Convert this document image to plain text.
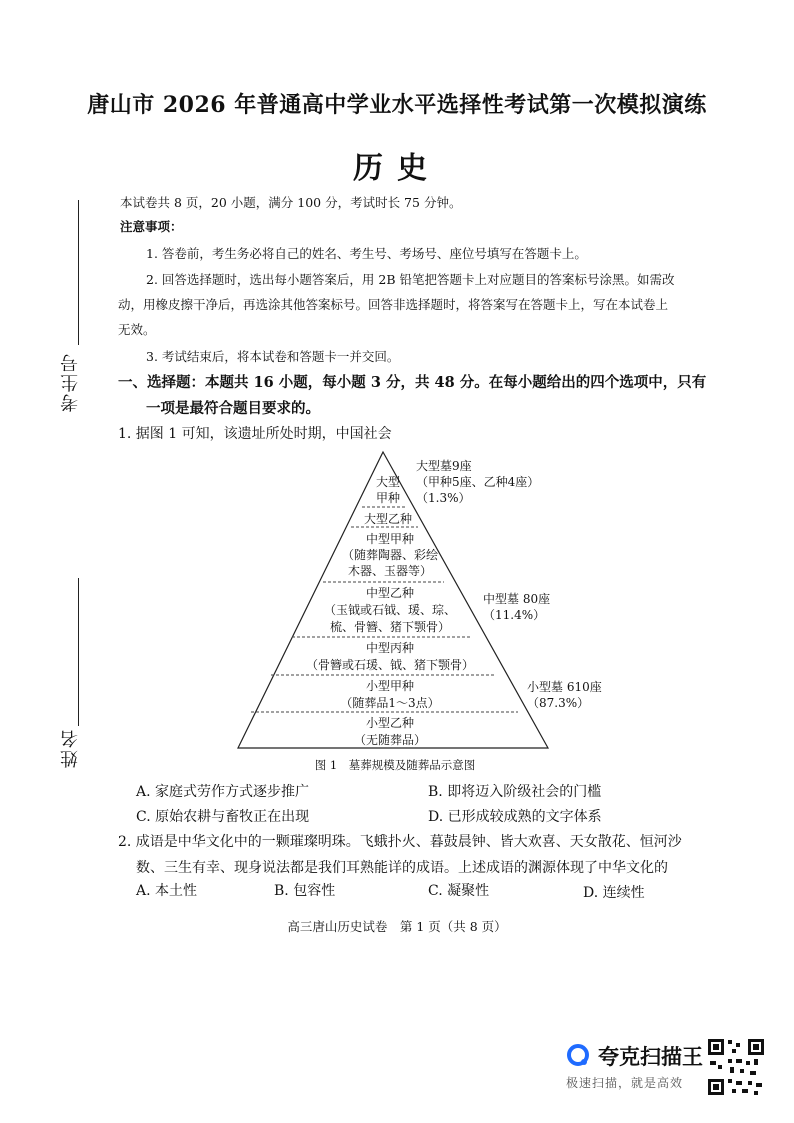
唐山市 2026 年普通高中学业水平选择性考试第一次模拟演练
历史
考生号
姓名
本试卷共 8 页，20 小题，满分 100 分，考试时长 75 分钟。
注意事项：
1. 答卷前，考生务必将自己的姓名、考生号、考场号、座位号填写在答题卡上。
2. 回答选择题时，选出每小题答案后，用 2B 铅笔把答题卡上对应题目的答案标号涂黑。如需改
动，用橡皮擦干净后，再选涂其他答案标号。回答非选择题时，将答案写在答题卡上，写在本试卷上
无效。
3. 考试结束后，将本试卷和答题卡一并交回。
一、选择题：本题共 16 小题，每小题 3 分，共 48 分。在每小题给出的四个选项中，只有
一项是最符合题目要求的。
1. 据图 1 可知，该遗址所处时期，中国社会
大型
甲种
大型乙种
中型甲种
（随葬陶器、彩绘
木器、玉器等）
中型乙种
（玉钺或石钺、瑗、琮、
梳、骨簪、猪下颚骨）
中型丙种
（骨簪或石瑗、钺、猪下颚骨）
小型甲种
（随葬品1～3点）
小型乙种
（无随葬品）
大型墓9座
（甲种5座、乙种4座）
（1.3%）
中型墓 80座
（11.4%）
小型墓 610座
（87.3%）
图 1　墓葬规模及随葬品示意图
A. 家庭式劳作方式逐步推广	B. 即将迈入阶级社会的门槛
C. 原始农耕与畜牧正在出现	D. 已形成较成熟的文字体系
2. 成语是中华文化中的一颗璀璨明珠。飞蛾扑火、暮鼓晨钟、皆大欢喜、天女散花、恒河沙
数、三生有幸、现身说法都是我们耳熟能详的成语。上述成语的渊源体现了中华文化的
A. 本土性	B. 包容性	C. 凝聚性	D. 连续性
高三唐山历史试卷　第 1 页（共 8 页）
夸克扫描王
极速扫描，就是高效
